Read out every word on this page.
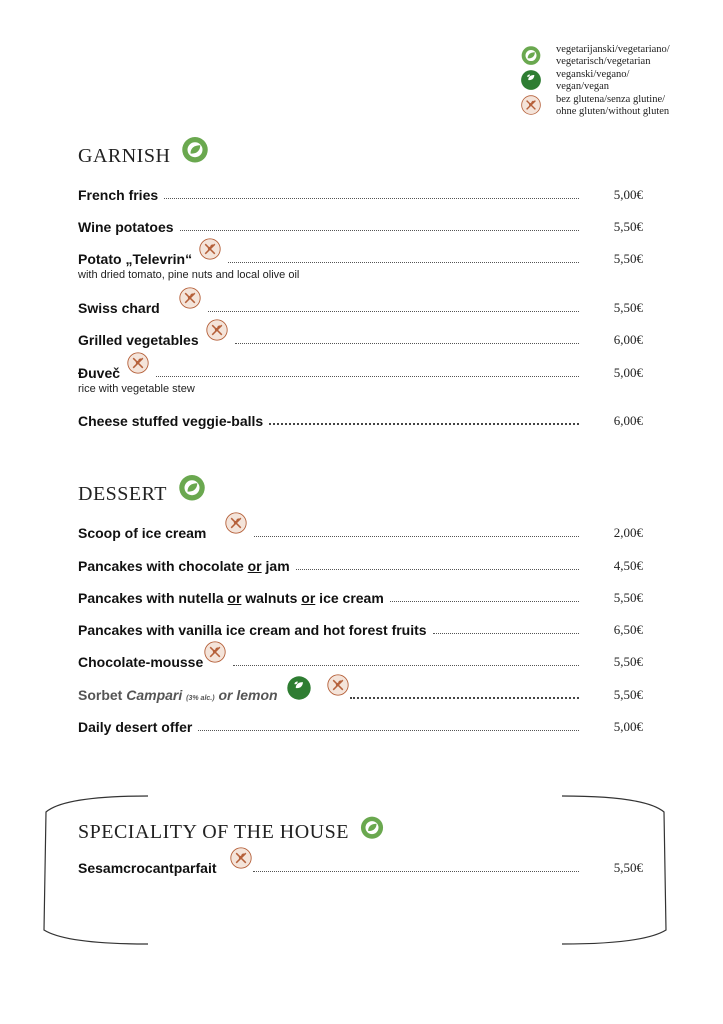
vegetarijanski/vegetariano/
vegetarisch/vegetarian
veganski/vegano/
vegan/vegan
bez glutena/senza glutine/
ohne gluten/without gluten
GARNISH
French fries	5,00€
Wine potatoes	5,50€
Potato „Televrin“	5,50€
with dried tomato, pine nuts and local olive oil
Swiss chard	5,50€
Grilled vegetables	6,00€
Đuveč	5,00€
rice with vegetable stew
Cheese stuffed veggie-balls	6,00€
DESSERT
Scoop of ice cream	2,00€
Pancakes with chocolate or jam	4,50€
Pancakes with nutella or walnuts or ice cream	5,50€
Pancakes with vanilla ice cream and hot forest fruits	6,50€
Chocolate-mousse	5,50€
Sorbet Campari (3% alc.) or lemon	5,50€
Daily desert offer	5,00€
SPECIALITY OF THE HOUSE
Sesamcrocantparfait	5,50€
